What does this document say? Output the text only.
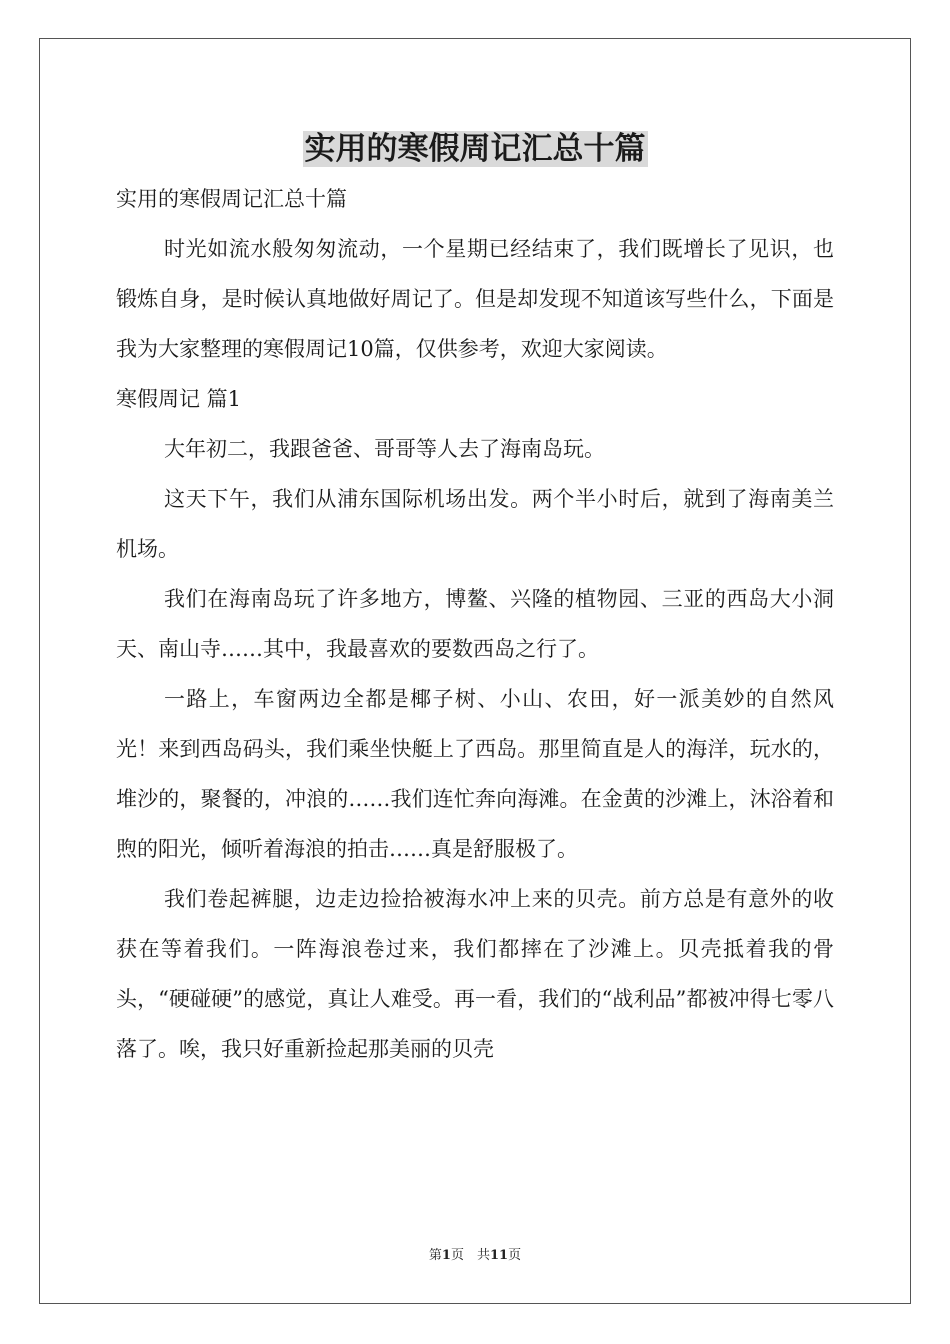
实用的寒假周记汇总十篇

实用的寒假周记汇总十篇

时光如流水般匆匆流动，一个星期已经结束了，我们既增长了见识，也锻炼自身，是时候认真地做好周记了。但是却发现不知道该写些什么，下面是我为大家整理的寒假周记10篇，仅供参考，欢迎大家阅读。

寒假周记 篇1

大年初二，我跟爸爸、哥哥等人去了海南岛玩。

这天下午，我们从浦东国际机场出发。两个半小时后，就到了海南美兰机场。

我们在海南岛玩了许多地方，博鳌、兴隆的植物园、三亚的西岛大小洞天、南山寺……其中，我最喜欢的要数西岛之行了。

一路上，车窗两边全都是椰子树、小山、农田，好一派美妙的自然风光！来到西岛码头，我们乘坐快艇上了西岛。那里简直是人的海洋，玩水的，堆沙的，聚餐的，冲浪的……我们连忙奔向海滩。在金黄的沙滩上，沐浴着和煦的阳光，倾听着海浪的拍击……真是舒服极了。

我们卷起裤腿，边走边捡拾被海水冲上来的贝壳。前方总是有意外的收获在等着我们。一阵海浪卷过来，我们都摔在了沙滩上。贝壳抵着我的骨头，“硬碰硬”的感觉，真让人难受。再一看，我们的“战利品”都被冲得七零八落了。唉，我只好重新捡起那美丽的贝壳

第1页　共11页
